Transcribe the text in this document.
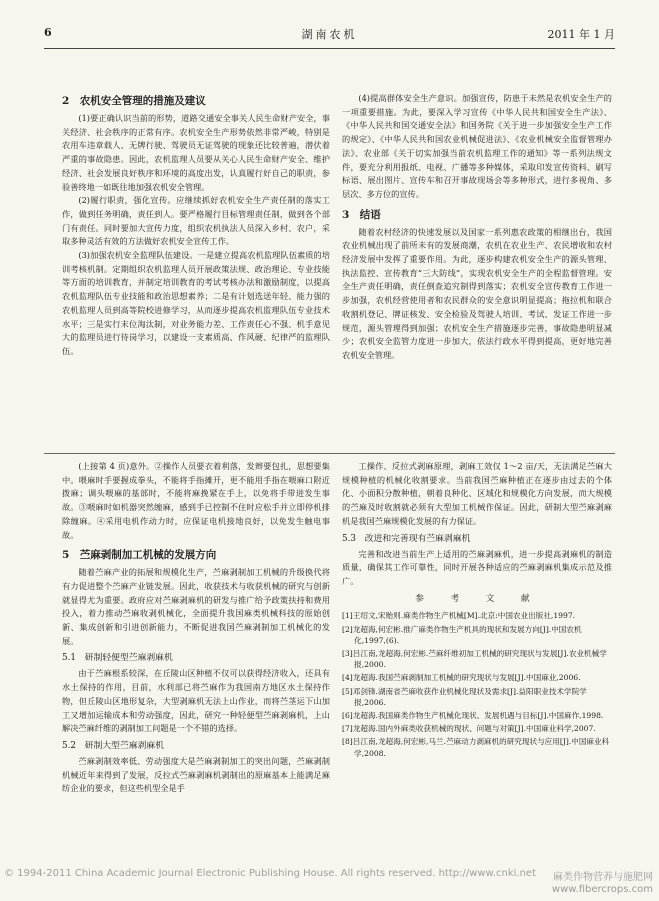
6	湖南农机	2011 年 1 月
2　农机安全管理的措施及建议

(1)要正确认识当前的形势，道路交通安全事关人民生命财产安全，事关经济、社会秩序的正常有序。农机安全生产形势依然非常严峻，特别是农用车违章载人、无牌行驶、驾驶员无证驾驶的现象还比较普遍，潜伏着严重的事故隐患。因此，农机监理人员要从关心人民生命财产安全、维护经济、社会发展良好秩序和环境的高度出发，认真履行好自己的职责，参验善终地一如既往地加强农机安全管理。

(2)履行职责，强化宣传。应继续抓好农机安全生产责任制的落实工作，做到任务明确，责任到人。要严格履行目标管理责任制，做到各个部门有责任。同时要加大宣传力度，组织农机执法人员深入乡村、农户，采取多种灵活有效的方法做好农机安全宣传工作。

(3)加强农机安全监理队伍建设。一是建立提高农机监理队伍素质的培训考核机制。定期组织农机监理人员开展政策法规、政治理论、专业技能等方面的培训教育，并制定培训教育的考试考核办法和激励制度，以提高农机监理队伍专业技能和政治思想素养；二是有计划选送年轻、能力强的农机监理人员到高等院校进修学习，从而逐步提高农机监理队伍专业技术水平；三是实行末位淘汰制，对业务能力差、工作责任心不强、机手意见大的监理员进行待岗学习，以建设一支素质高、作风硬、纪律严的监理队伍。

(4)提高群体安全生产意识。加强宣传，防患于未然是农机安全生产的一项重要措施。为此，要深入学习宣传《中华人民共和国安全生产法》、《中华人民共和国交通安全法》和国务院《关于进一步加强安全生产工作的规定》、《中华人民共和国农业机械促进法》、《农业机械安全监督管理办法》、农业部《关于切实加强当前农机监理工作的通知》等一系列法规文件，要充分利用报纸、电视、广播等多种媒体，采取印发宣传资料、刷写标语、展出图片、宣传车和召开事故现场会等多种形式，进行多视角、多层次、多方位的宣传。

3　结语

随着农村经济的快速发展以及国家一系列惠农政策的相继出台，我国农业机械出现了前所未有的发展商潮，农机在农业生产、农民增收和农村经济发展中发挥了重要作用。为此，逐步构建农机安全生产的源头管理、执法监控、宣传教育“三大防线”，实现农机安全生产的全程监督管理。安全生产责任明确，责任倒查追究制得到落实；农机安全宣传教育工作进一步加强，农机经营使用者和农民群众的安全意识明显提高；拖拉机和联合收割机登记、牌证核发、安全检验及驾驶人培训、考试、发证工作进一步规范，源头管理得到加强；农机安全生产措施逐步完善，事故隐患明显减少；农机安全监管力度进一步加大，依法行政水平得到提高，更好地完善农机安全管理。

(上接第 4 页)意外。②操作人员要衣着利落，发辫要包扎，思想要集中。喂麻时手要握成拳头，不能将手指摊开，更不能用手指在喂麻口附近拨麻；调头喂麻的基部时，不能将麻挽紧在手上，以免将手带进发生事故。③喂麻时如机器突然缠麻，感到手已控制不住时应松手并立即停机排除缠麻。④采用电机作动力时，应保证电机接地良好，以免发生触电事故。

5　苎麻剥制加工机械的发展方向

随着苎麻产业的拓展和规模化生产，苎麻剥制加工机械的升级换代将有力促进整个苎麻产业链发展。因此，收获技术与收获机械的研究与创新就显得尤为重要。政府应对苎麻剥麻机的研发与推广给予政策扶持和费用投入，着力推动苎麻收剥机械化，全面提升我国麻类机械科技的原始创新、集成创新和引进创新能力，不断促进我国苎麻剥制加工机械化的发展。

5.1　研制轻便型苎麻剥麻机

由于苎麻根系较深，在丘陵山区种植不仅可以获得经济收入，还具有水土保持的作用，目前，水利部已将苎麻作为我国南方地区水土保持作物，但丘陵山区地形复杂，大型剥麻机无法上山作业，而将苎茎运下山加工又增加运输成本和劳动强度，因此，研究一种轻便型苎麻剥麻机，上山解决苎麻纤维的剥制加工问题是一个不错的选择。

5.2　研制大型苎麻剥麻机

苎麻剥制效率低、劳动强度大是苎麻剥制加工的突出问题，苎麻剥制机械近年来得到了发展，反拉式苎麻剥麻机剥制出的原麻基本上能满足麻纺企业的要求，但这些机型全是手

工操作、反拉式剥麻原理，剥麻工效仅 1～2 亩/天，无法满足苎麻大规模种植的机械化收割要求。当前我国苎麻种植正在逐步由过去的个体化、小面积分散种植，朝着良种化、区域化和规模化方向发展，而大规模的苎麻及时收割就必须有大型加工机械作保证。因此，研制大型苎麻剥麻机是我国苎麻规模化发展的有力保证。

5.3　改进和完善现有苎麻剥麻机

完善和改进当前生产上适用的苎麻剥麻机，进一步提高剥麻机的制造质量，确保其工作可靠性，同时开展各种适应的苎麻剥麻机集成示范及推广。

参　考　文　献

[1]王绍文,宋贻则.麻类作物生产机械[M].北京:中国农业出版社,1997.

[2]龙超海,何宏彬.推广麻类作物生产机具的现状和发展方向[J].中国农机化,1997,(6).

[3]吕江南,龙超海,何宏彬.苎麻纤维初加工机械的研究现状与发展[J].农业机械学报,2000.

[4]龙超海.我国苎麻剥制加工机械的研究现状与发展[J].中国麻业,2006.

[5]邓剑锋.湖南省苎麻收获作业机械化现状及需求[J].益阳职业技术学院学报,2006.

[6]龙超海.我国麻类作物生产机械化现状、发展机遇与目标[J].中国麻作,1998.

[7]龙超海.国内外麻类收获机械的现状、问题与对策[J].中国麻业科学,2007.

[8]吕江南,龙超海,何宏彬,马兰.苎麻动力剥麻机的研究现状与应用[J].中国麻业科学,2008.

© 1994-2011 China Academic Journal Electronic Publishing House. All rights reserved. http://www.cnki.net	麻类作物营养与施肥网
www.fibercrops.com
